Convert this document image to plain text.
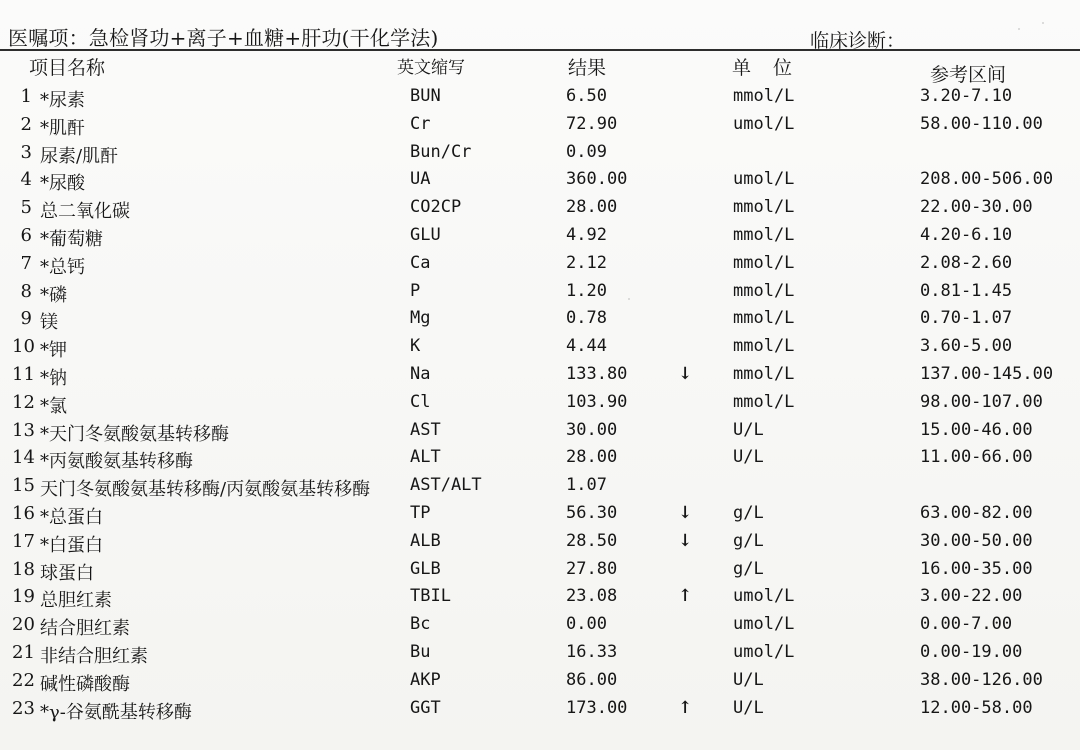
医嘱项：急检肾功+离子+血糖+肝功(干化学法)	临床诊断：
项目名称	英文缩写	结果	单 位	参考区间
1 *尿素	BUN	6.50	mmol/L	3.20-7.10
2 *肌酐	Cr	72.90	umol/L	58.00-110.00
3 尿素/肌酐	Bun/Cr	0.09
4 *尿酸	UA	360.00	umol/L	208.00-506.00
5 总二氧化碳	CO2CP	28.00	mmol/L	22.00-30.00
6 *葡萄糖	GLU	4.92	mmol/L	4.20-6.10
7 *总钙	Ca	2.12	mmol/L	2.08-2.60
8 *磷	P	1.20	mmol/L	0.81-1.45
9 镁	Mg	0.78	mmol/L	0.70-1.07
10 *钾	K	4.44	mmol/L	3.60-5.00
11 *钠	Na	133.80	↓ mmol/L	137.00-145.00
12 *氯	Cl	103.90	mmol/L	98.00-107.00
13 *天门冬氨酸氨基转移酶	AST	30.00	U/L	15.00-46.00
14 *丙氨酸氨基转移酶	ALT	28.00	U/L	11.00-66.00
15 天门冬氨酸氨基转移酶/丙氨酸氨基转移酶 AST/ALT	1.07
16 *总蛋白	TP	56.30	↓ g/L	63.00-82.00
17 *白蛋白	ALB	28.50	↓ g/L	30.00-50.00
18 球蛋白	GLB	27.80	g/L	16.00-35.00
19 总胆红素	TBIL	23.08	↑ umol/L	3.00-22.00
20 结合胆红素	Bc	0.00	umol/L	0.00-7.00
21 非结合胆红素	Bu	16.33	umol/L	0.00-19.00
22 碱性磷酸酶	AKP	86.00	U/L	38.00-126.00
23 *γ-谷氨酰基转移酶	GGT	173.00	↑ U/L	12.00-58.00
